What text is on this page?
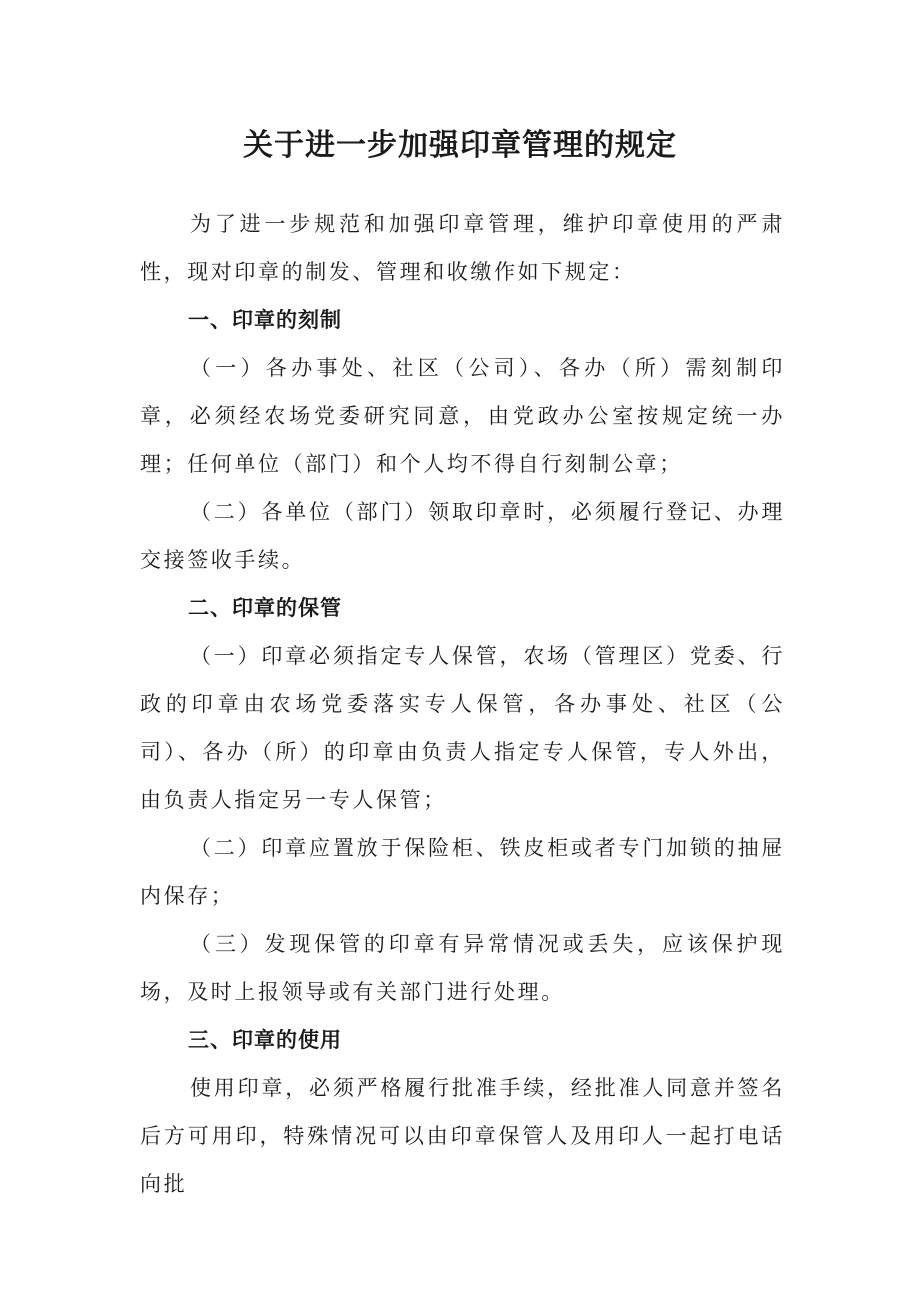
关于进一步加强印章管理的规定

为了进一步规范和加强印章管理，维护印章使用的严肃性，现对印章的制发、管理和收缴作如下规定：

一、印章的刻制

（一）各办事处、社区（公司）、各办（所）需刻制印章，必须经农场党委研究同意，由党政办公室按规定统一办理；任何单位（部门）和个人均不得自行刻制公章；

（二）各单位（部门）领取印章时，必须履行登记、办理交接签收手续。

二、印章的保管

（一）印章必须指定专人保管，农场（管理区）党委、行政的印章由农场党委落实专人保管，各办事处、社区（公司）、各办（所）的印章由负责人指定专人保管，专人外出，由负责人指定另一专人保管；

（二）印章应置放于保险柜、铁皮柜或者专门加锁的抽屉内保存；

（三）发现保管的印章有异常情况或丢失，应该保护现场，及时上报领导或有关部门进行处理。

三、印章的使用

使用印章，必须严格履行批准手续，经批准人同意并签名后方可用印，特殊情况可以由印章保管人及用印人一起打电话向批
